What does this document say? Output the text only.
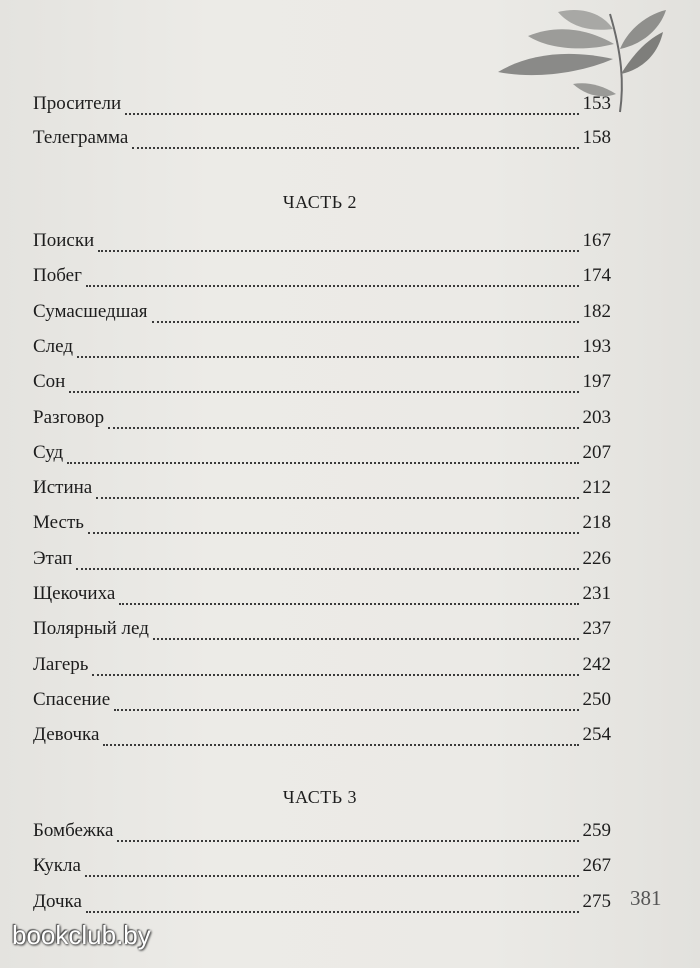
Просители	153
Телеграмма	158
ЧАСТЬ 2
Поиски	167
Побег	174
Сумасшедшая	182
След	193
Сон	197
Разговор	203
Суд	207
Истина	212
Месть	218
Этап	226
Щекочиха	231
Полярный лед	237
Лагерь	242
Спасение	250
Девочка	254
ЧАСТЬ 3
Бомбежка	259
Кукла	267
Дочка	275 381
bookclub.by
